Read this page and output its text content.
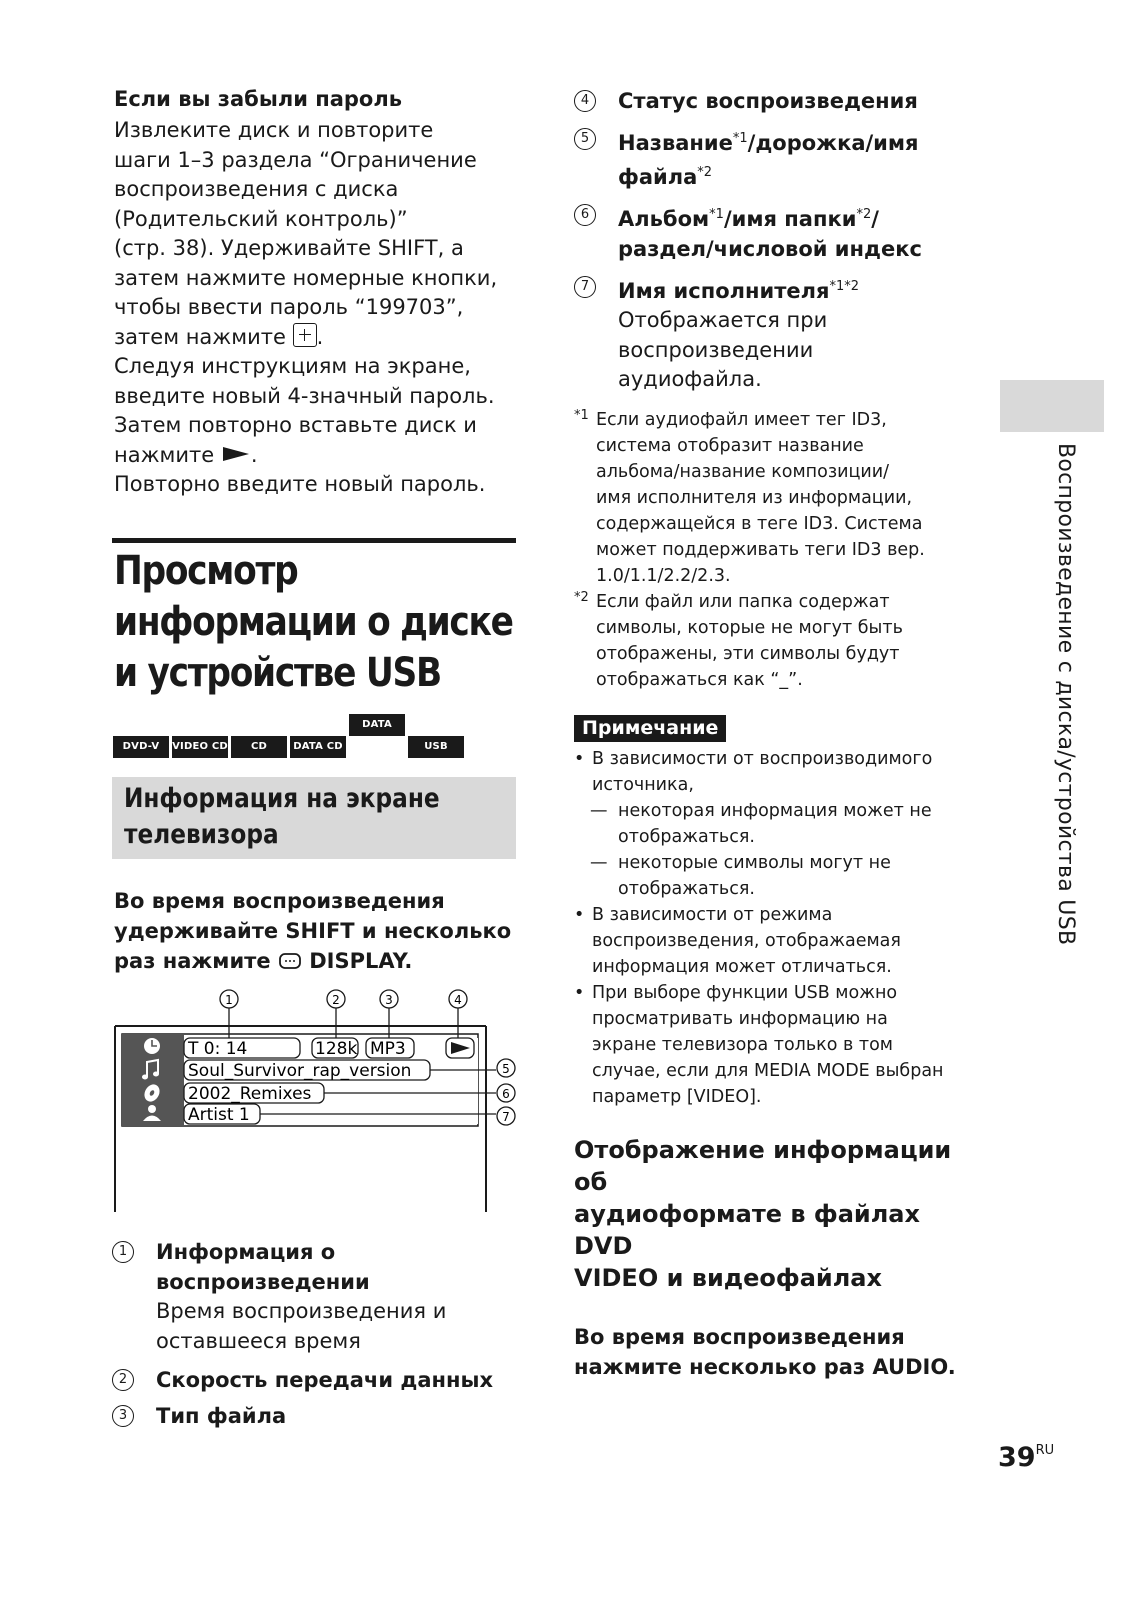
Если вы забыли пароль

Извлеките диск и повторите
шаги 1–3 раздела “Ограничение
воспроизведения с диска
(Родительский контроль)”
(стр. 38). Удерживайте SHIFT, а
затем нажмите номерные кнопки,
чтобы ввести пароль “199703”,
затем нажмите .
Следуя инструкциям на экране,
введите новый 4-значный пароль.
Затем повторно вставьте диск и
нажмите .
Повторно введите новый пароль.
Просмотр
информации о диске
и устройстве USB
DVD-V VIDEO CD CD	DATA CDDATA DVD	USB
Информация на экране
телевизора
Во время воспроизведения
удерживайте SHIFT и несколько
раз нажмите DISPLAY.
T 0: 14	128k MP3
Soul_Survivor_rap_version
2002_Remixes
Artist 1
1	2	3	4
5
6
7
1	Информация о
воспроизведении
Время воспроизведения и
оставшееся время
2	Скорость передачи данных
3	Тип файла
4	Статус воспроизведения
5	Название$^{*1}$/дорожка/имя
файла$^{*2}$
6	Альбом$^{*1}$/имя папки$^{*2}$/
раздел/числовой индекс
7	Имя исполнителя$^{*1*2}$
Отображается при
воспроизведении
аудиофайла.
*1 Если аудиофайл имеет тег ID3,
система отобразит название
альбома/название композиции/
имя исполнителя из информации,
содержащейся в теге ID3. Система
может поддерживать теги ID3 вер.
1.0/1.1/2.2/2.3.
*2 Если файл или папка содержат
символы, которые не могут быть
отображены, эти символы будут
отображаться как “_”.
Примечание
• В зависимости от воспроизводимого
источника,
— некоторая информация может не
отображаться.
— некоторые символы могут не
отображаться.
• В зависимости от режима
воспроизведения, отображаемая
информация может отличаться.
• При выборе функции USB можно
просматривать информацию на
экране телевизора только в том
случае, если для MEDIA MODE выбран
параметр [VIDEO].
Отображение информации об
аудиоформате в файлах DVD
VIDEO и видеофайлах
Во время воспроизведения
нажмите несколько раз AUDIO.
Воспроизведение с диска/устройства USB
$39^{RU}$
